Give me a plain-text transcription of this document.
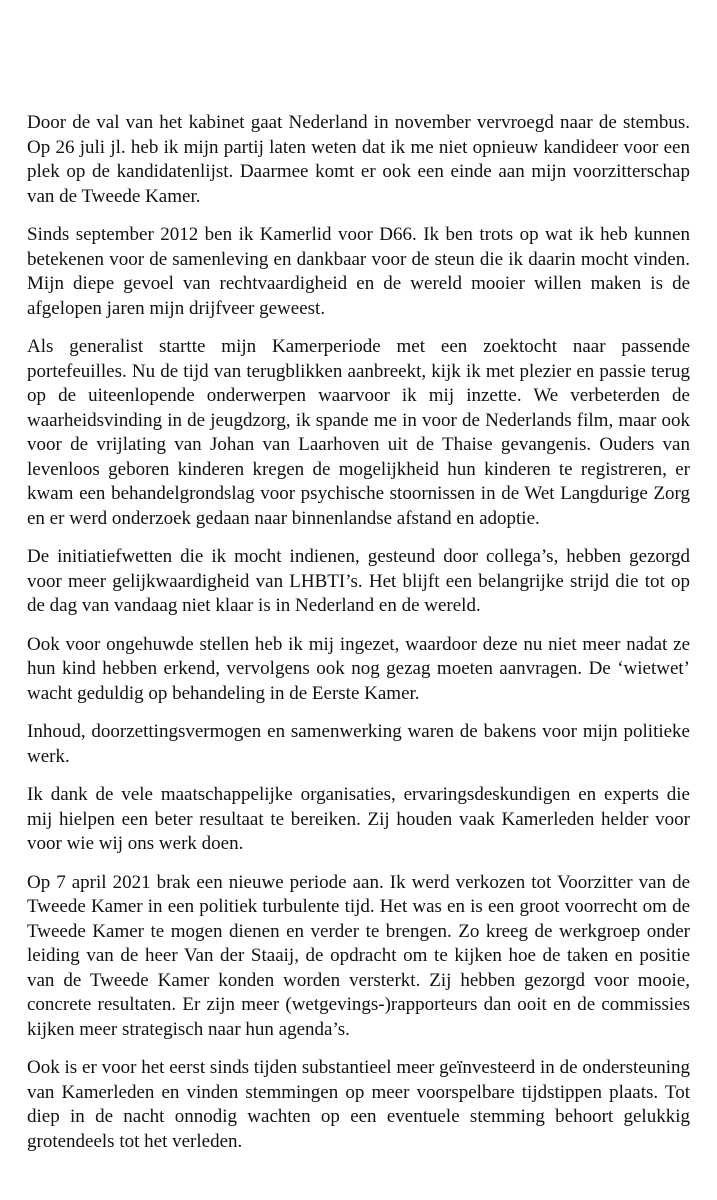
Door de val van het kabinet gaat Nederland in november vervroegd naar de stembus. Op 26 juli jl. heb ik mijn partij laten weten dat ik me niet opnieuw kandideer voor een plek op de kandidatenlijst. Daarmee komt er ook een einde aan mijn voorzitterschap van de Tweede Kamer.

Sinds september 2012 ben ik Kamerlid voor D66. Ik ben trots op wat ik heb kunnen betekenen voor de samenleving en dankbaar voor de steun die ik daarin mocht vinden. Mijn diepe gevoel van rechtvaardigheid en de wereld mooier willen maken is de afgelopen jaren mijn drijfveer geweest.

Als generalist startte mijn Kamerperiode met een zoektocht naar passende portefeuilles. Nu de tijd van terugblikken aanbreekt, kijk ik met plezier en passie terug op de uiteenlopende onderwerpen waarvoor ik mij inzette. We verbeterden de waarheidsvinding in de jeugdzorg, ik spande me in voor de Nederlands film, maar ook voor de vrijlating van Johan van Laarhoven uit de Thaise gevangenis. Ouders van levenloos geboren kinderen kregen de mogelijkheid hun kinderen te registreren, er kwam een behandelgrondslag voor psychische stoornissen in de Wet Langdurige Zorg en er werd onderzoek gedaan naar binnenlandse afstand en adoptie.

De initiatiefwetten die ik mocht indienen, gesteund door collega’s, hebben gezorgd voor meer gelijkwaardigheid van LHBTI’s. Het blijft een belangrijke strijd die tot op de dag van vandaag niet klaar is in Nederland en de wereld.

Ook voor ongehuwde stellen heb ik mij ingezet, waardoor deze nu niet meer nadat ze hun kind hebben erkend, vervolgens ook nog gezag moeten aanvragen. De ‘wietwet’ wacht geduldig op behandeling in de Eerste Kamer.

Inhoud, doorzettingsvermogen en samenwerking waren de bakens voor mijn politieke werk.

Ik dank de vele maatschappelijke organisaties, ervaringsdeskundigen en experts die mij hielpen een beter resultaat te bereiken. Zij houden vaak Kamerleden helder voor voor wie wij ons werk doen.

Op 7 april 2021 brak een nieuwe periode aan. Ik werd verkozen tot Voorzitter van de Tweede Kamer in een politiek turbulente tijd. Het was en is een groot voorrecht om de Tweede Kamer te mogen dienen en verder te brengen. Zo kreeg de werkgroep onder leiding van de heer Van der Staaij, de opdracht om te kijken hoe de taken en positie van de Tweede Kamer konden worden versterkt. Zij hebben gezorgd voor mooie, concrete resultaten. Er zijn meer (wetgevings-)rapporteurs dan ooit en de commissies kijken meer strategisch naar hun agenda’s.

Ook is er voor het eerst sinds tijden substantieel meer geïnvesteerd in de ondersteuning van Kamerleden en vinden stemmingen op meer voorspelbare tijdstippen plaats. Tot diep in de nacht onnodig wachten op een eventuele stemming behoort gelukkig grotendeels tot het verleden.
